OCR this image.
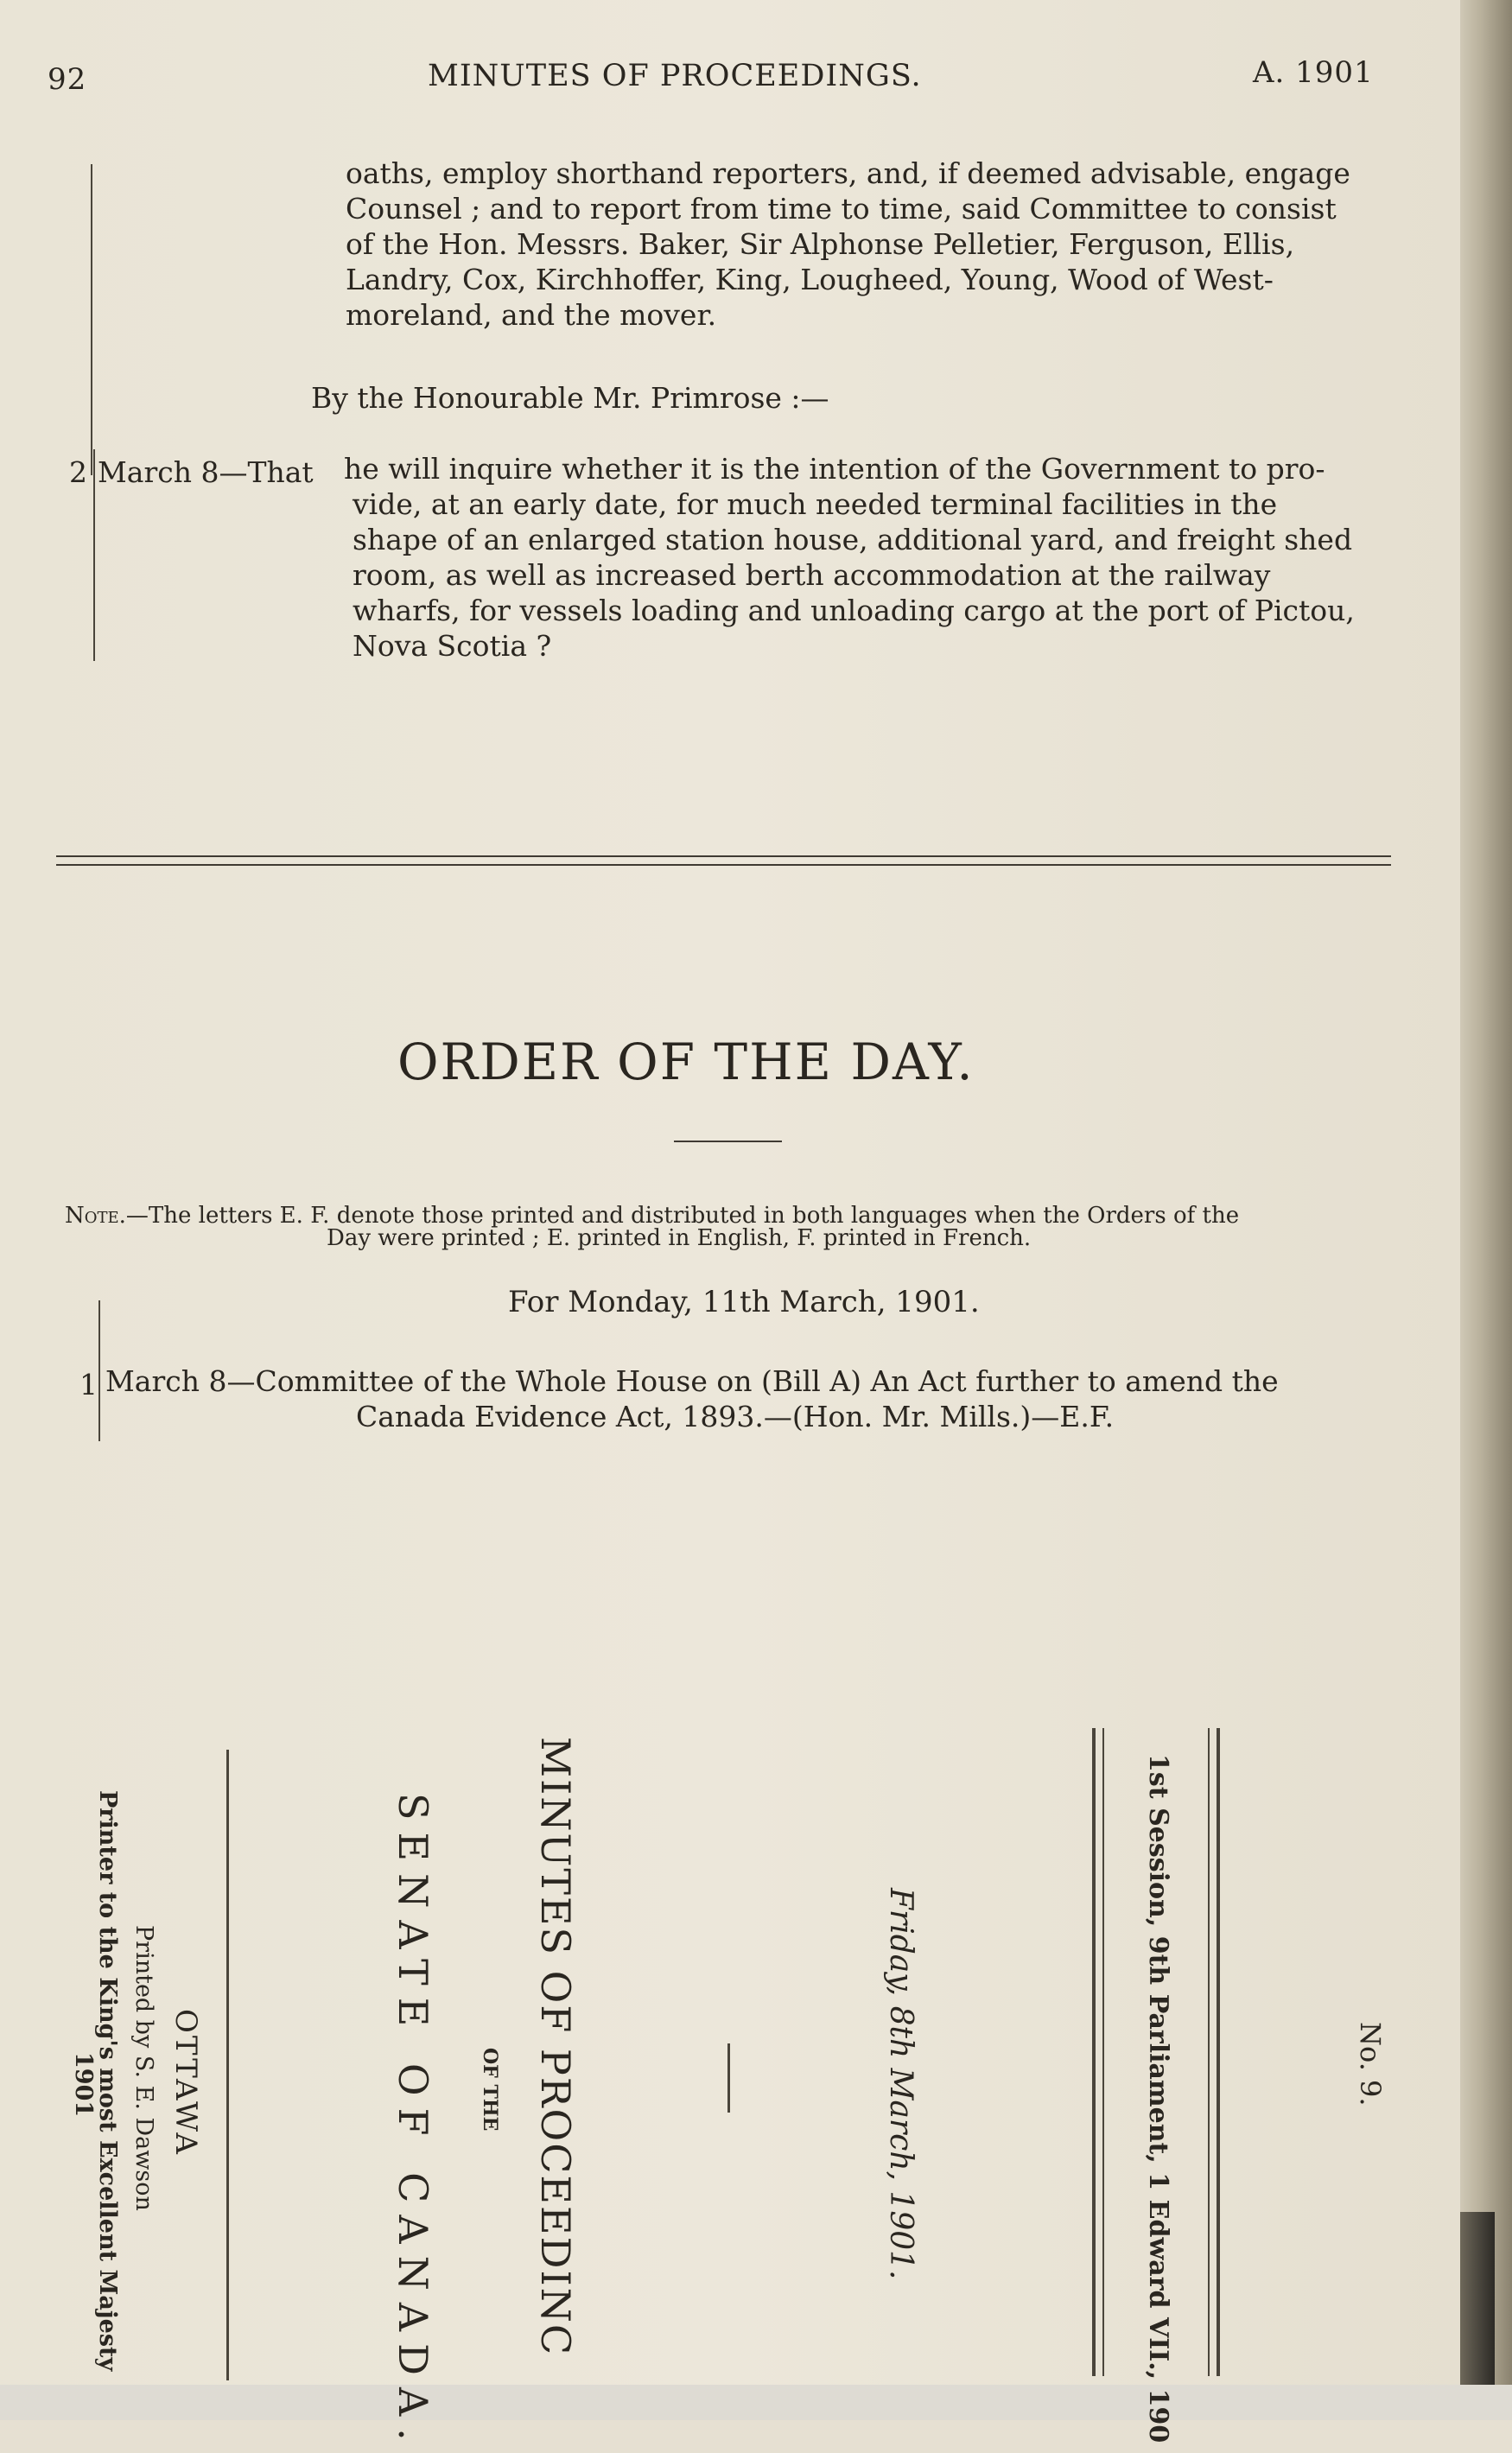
92	MINUTES OF PROCEEDINGS.	A. 1901
oaths, employ shorthand reporters, and, if deemed advisable, engage
Counsel ; and to report from time to time, said Committee to consist
of the Hon. Messrs. Baker, Sir Alphonse Pelletier, Ferguson, Ellis,
Landry, Cox, Kirchhoffer, King, Lougheed, Young, Wood of West-
moreland, and the mover.
By the Honourable Mr. Primrose :—
2 March 8—That he will inquire whether it is the intention of the Government to pro-
vide, at an early date, for much needed terminal facilities in the
shape of an enlarged station house, additional yard, and freight shed
room, as well as increased berth accommodation at the railway
wharfs, for vessels loading and unloading cargo at the port of Pictou,
Nova Scotia ?
ORDER OF THE DAY.
Note.—The letters E. F. denote those printed and distributed in both languages when the Orders of the
Day were printed ; E. printed in English, F. printed in French.
For Monday, 11th March, 1901.
1 March 8—Committee of the Whole House on (Bill A) An Act further to amend the
Canada Evidence Act, 1893.—(Hon. Mr. Mills.)—E.F.
No. 9.
1st Session, 9th Parliament, 1 Edward VII., 190
Friday, 8th March, 1901.
MINUTES OF PROCEEDINC
OF THE
SENATE OF CANADA.
OTTAWA
Printed by S. E. Dawson
Printer to the King's most Excellent Majesty
1901
